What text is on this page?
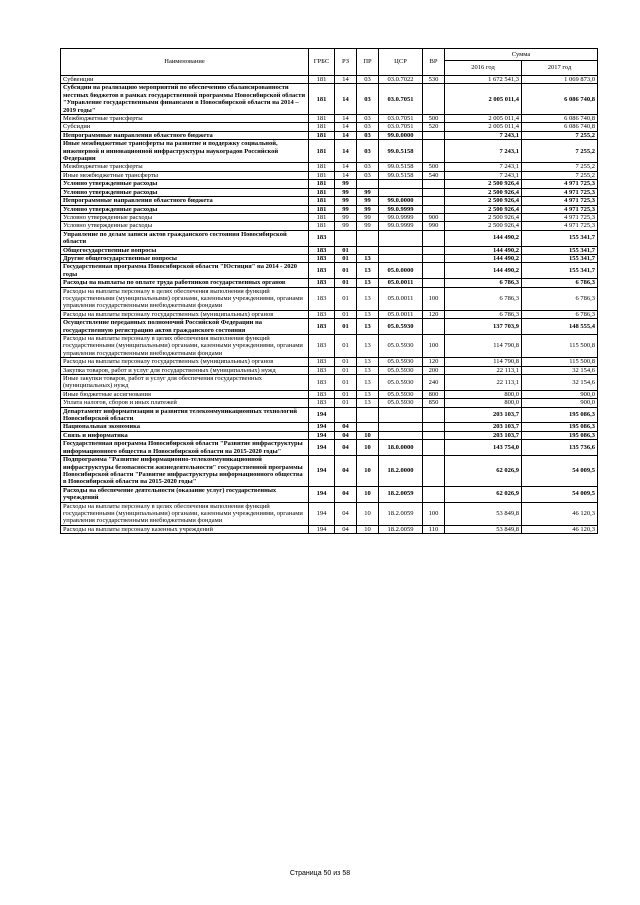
Наименование	ГРБС	РЗ	ПР	ЦСР	ВР	Сумма	
						2016 год	2017 год
Субвенции	181	14	03	03.0.7022	530	1 672 541,3	1 069 873,0
Субсидии на реализацию мероприятий по обеспечению сбалансированности местных бюджетов в рамках государственной программы Новосибирской области "Управление государственными финансами в Новосибирской области на 2014 – 2019 годы"	181	14	03	03.0.7051		2 005 011,4	6 086 740,8
Межбюджетные трансферты	181	14	03	03.0.7051	500	2 005 011,4	6 086 740,8
Субсидии	181	14	03	03.0.7051	520	2 005 011,4	6 086 740,8
Непрограммные направления областного бюджета	181	14	03	99.0.0000		7 243,1	7 255,2
Иные межбюджетные трансферты на развитие и поддержку социальной, инженерной и инновационной инфраструктуры наукоградов Российской Федерации	181	14	03	99.0.5158		7 243,1	7 255,2
Межбюджетные трансферты	181	14	03	99.0.5158	500	7 243,1	7 255,2
Иные межбюджетные трансферты	181	14	03	99.0.5158	540	7 243,1	7 255,2
Условно утвержденные расходы	181	99				2 500 926,4	4 971 725,3
Условно утвержденные расходы	181	99	99			2 500 926,4	4 971 725,3
Непрограммные направления областного бюджета	181	99	99	99.0.0000		2 500 926,4	4 971 725,3
Условно утвержденные расходы	181	99	99	99.0.9999		2 500 926,4	4 971 725,3
Условно утвержденные расходы	181	99	99	99.0.9999	900	2 500 926,4	4 971 725,3
Условно утвержденные расходы	181	99	99	99.0.9999	990	2 500 926,4	4 971 725,3
Управление по делам записи актов гражданского состояния Новосибирской области	183					144 490,2	155 341,7
Общегосударственные вопросы	183	01				144 490,2	155 341,7
Другие общегосударственные вопросы	183	01	13			144 490,2	155 341,7
Государственная программа Новосибирской области "Юстиция" на 2014 - 2020 годы	183	01	13	05.0.0000		144 490,2	155 341,7
Расходы на выплаты по оплате труда работников государственных органов	183	01	13	05.0.0011		6 786,3	6 786,3
Расходы на выплаты персоналу в целях обеспечения выполнения функций государственными (муниципальными) органами, казенными учреждениями, органами управления государственными внебюджетными фондами	183	01	13	05.0.0011	100	6 786,3	6 786,3
Расходы на выплаты персоналу государственных (муниципальных) органов	183	01	13	05.0.0011	120	6 786,3	6 786,3
Осуществление переданных полномочий Российской Федерации на государственную регистрацию актов гражданского состояния	183	01	13	05.0.5930		137 703,9	148 555,4
Расходы на выплаты персоналу в целях обеспечения выполнения функций государственными (муниципальными) органами, казенными учреждениями, органами управления государственными внебюджетными фондами	183	01	13	05.0.5930	100	114 790,8	115 500,8
Расходы на выплаты персоналу государственных (муниципальных) органов	183	01	13	05.0.5930	120	114 790,8	115 500,8
Закупка товаров, работ и услуг для государственных (муниципальных) нужд	183	01	13	05.0.5930	200	22 113,1	32 154,6
Иные закупки товаров, работ и услуг для обеспечения государственных (муниципальных) нужд	183	01	13	05.0.5930	240	22 113,1	32 154,6
Иные бюджетные ассигнования	183	01	13	05.0.5930	800	800,0	900,0
Уплата налогов, сборов и иных платежей	183	01	13	05.0.5930	850	800,0	900,0
Департамент информатизации и развития телекоммуникационных технологий Новосибирской области	194					203 103,7	195 086,3
Национальная экономика	194	04				203 103,7	195 086,3
Связь и информатика	194	04	10			203 103,7	195 086,3
Государственная программа Новосибирской области "Развитие инфраструктуры информационного общества в Новосибирской области на 2015-2020 годы"	194	04	10	18.0.0000		143 754,0	135 736,6
Подпрограмма "Развитие информационно-телекоммуникационной инфраструктуры безопасности жизнедеятельности" государственной программы Новосибирской области "Развитие инфраструктуры информационного общества в Новосибирской области на 2015-2020 годы"	194	04	10	18.2.0000		62 026,9	54 009,5
Расходы на обеспечение деятельности (оказание услуг) государственных учреждений	194	04	10	18.2.0059		62 026,9	54 009,5
Расходы на выплаты персоналу в целях обеспечения выполнения функций государственными (муниципальными) органами, казенными учреждениями, органами управления государственными внебюджетными фондами	194	04	10	18.2.0059	100	53 849,8	46 120,3
Расходы на выплаты персоналу казенных учреждений	194	04	10	18.2.0059	110	53 849,8	46 120,3
Страница 50 из 58
